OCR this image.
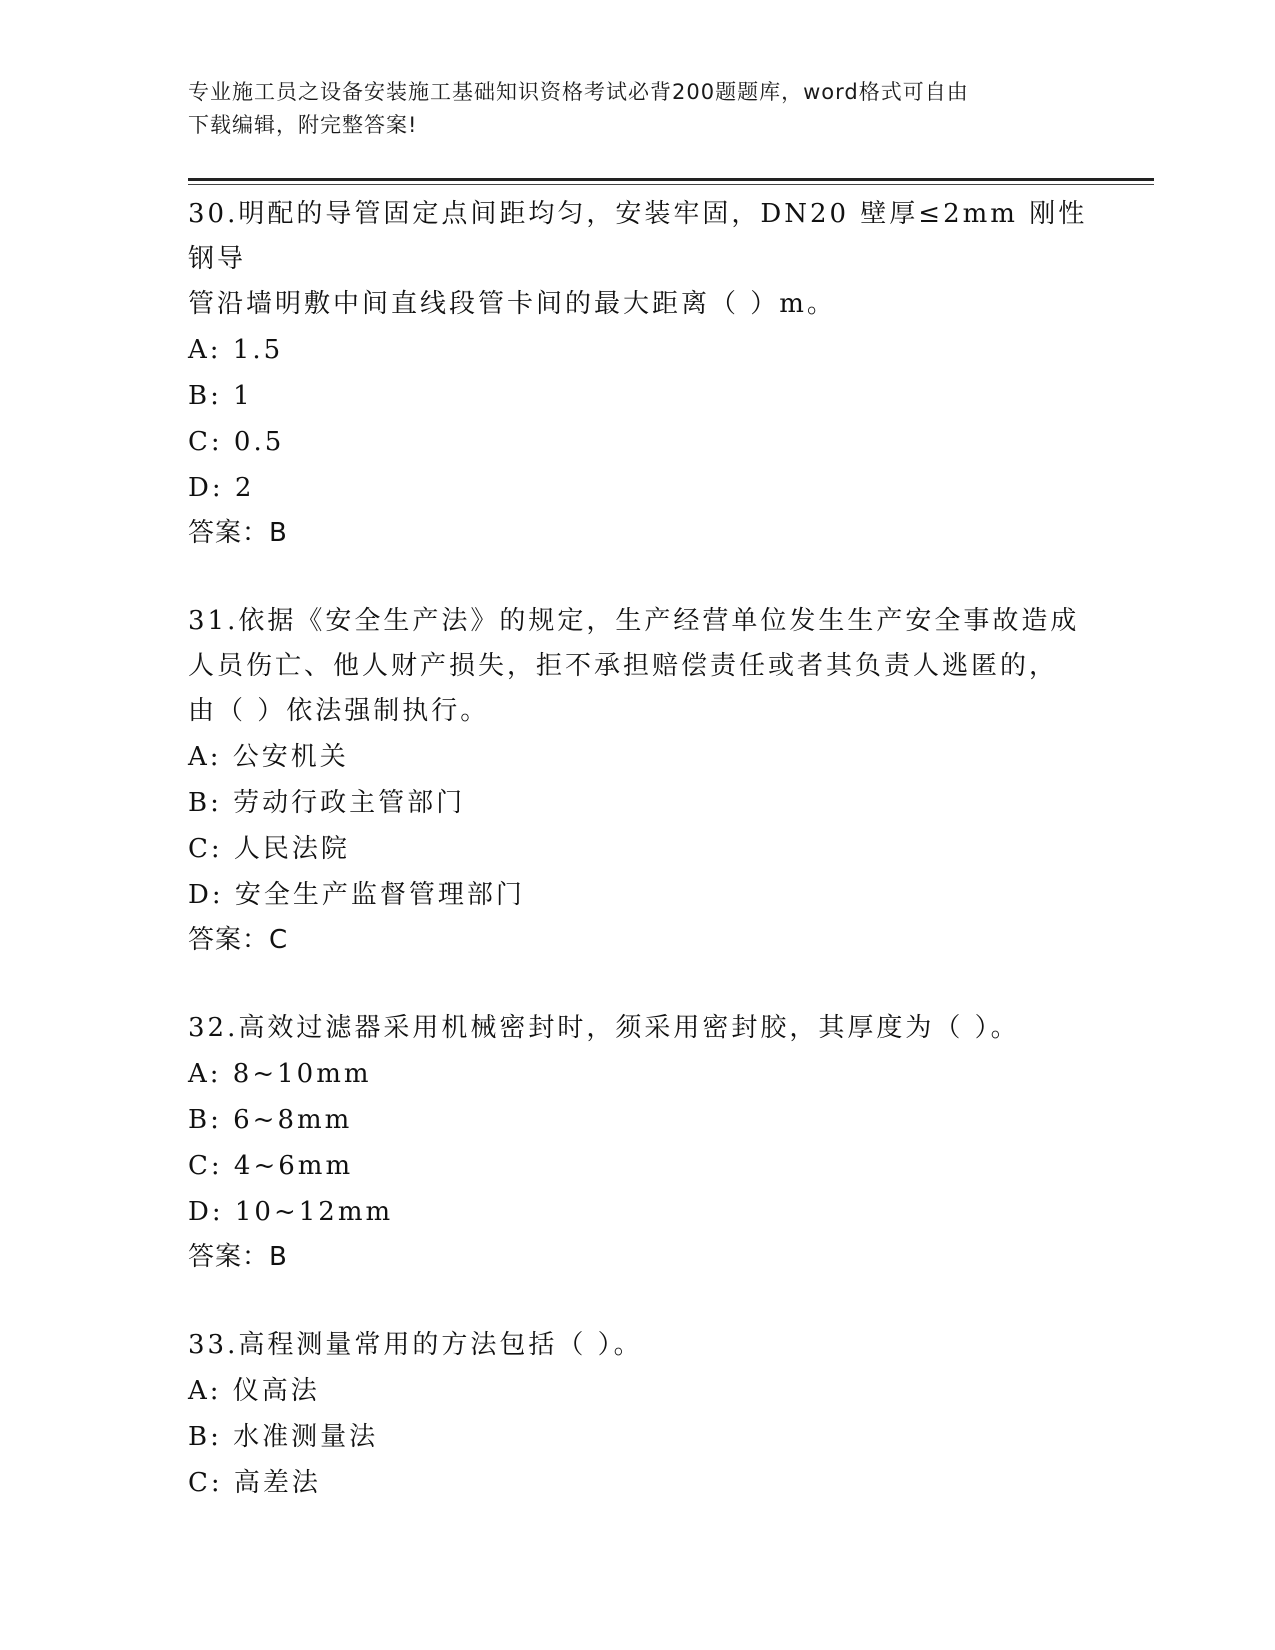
专业施工员之设备安装施工基础知识资格考试必背200题题库，word格式可自由
下载编辑，附完整答案!

30.明配的导管固定点间距均匀，安装牢固，DN20 壁厚≤2mm 刚性钢导

管沿墙明敷中间直线段管卡间的最大距离（ ）m。

A: 1.5

B: 1

C: 0.5

D: 2

答案：B

31.依据《安全生产法》的规定，生产经营单位发生生产安全事故造成

人员伤亡、他人财产损失，拒不承担赔偿责任或者其负责人逃匿的，

由（ ）依法强制执行。

A: 公安机关

B: 劳动行政主管部门

C: 人民法院

D: 安全生产监督管理部门

答案：C

32.高效过滤器采用机械密封时，须采用密封胶，其厚度为（ ）。

A: 8~10mm

B: 6~8mm

C: 4~6mm

D: 10~12mm

答案：B

33.高程测量常用的方法包括（ ）。

A: 仪高法

B: 水准测量法

C: 高差法
